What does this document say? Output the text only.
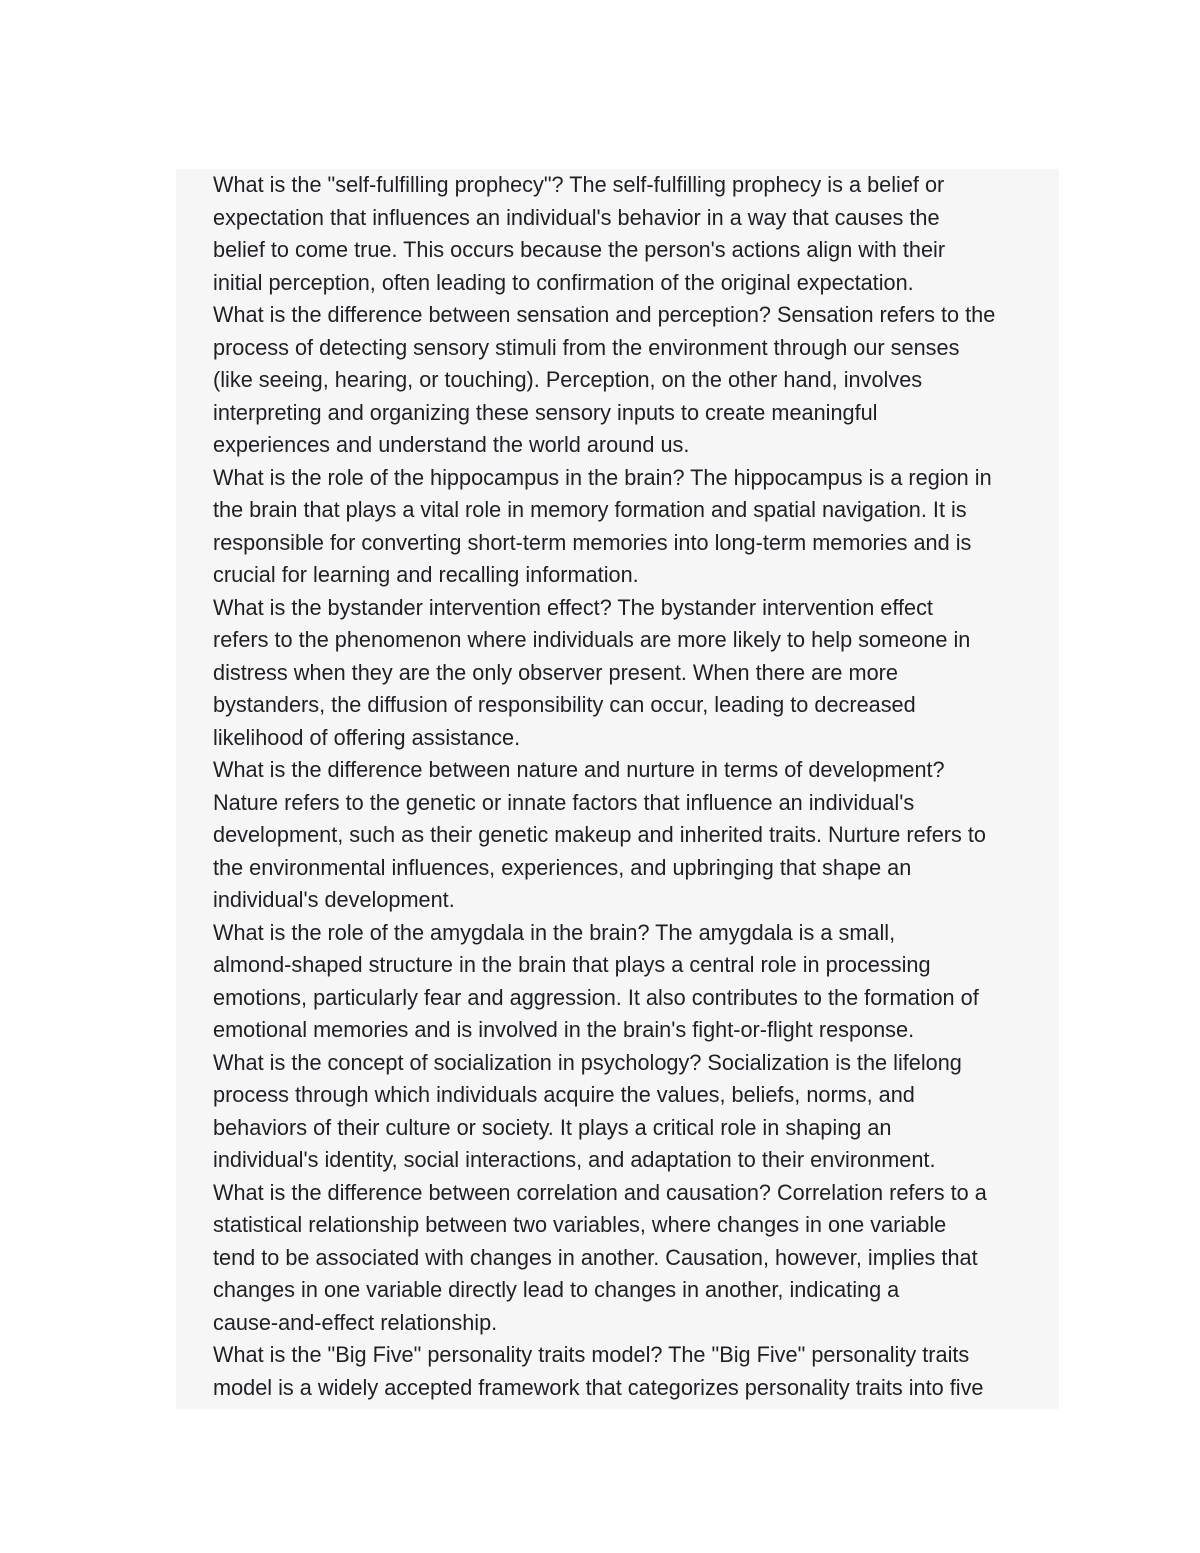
What is the "self-fulfilling prophecy"? The self-fulfilling prophecy is a belief or
expectation that influences an individual's behavior in a way that causes the
belief to come true. This occurs because the person's actions align with their
initial perception, often leading to confirmation of the original expectation.
What is the difference between sensation and perception? Sensation refers to the
process of detecting sensory stimuli from the environment through our senses
(like seeing, hearing, or touching). Perception, on the other hand, involves
interpreting and organizing these sensory inputs to create meaningful
experiences and understand the world around us.
What is the role of the hippocampus in the brain? The hippocampus is a region in
the brain that plays a vital role in memory formation and spatial navigation. It is
responsible for converting short-term memories into long-term memories and is
crucial for learning and recalling information.
What is the bystander intervention effect? The bystander intervention effect
refers to the phenomenon where individuals are more likely to help someone in
distress when they are the only observer present. When there are more
bystanders, the diffusion of responsibility can occur, leading to decreased
likelihood of offering assistance.
What is the difference between nature and nurture in terms of development?
Nature refers to the genetic or innate factors that influence an individual's
development, such as their genetic makeup and inherited traits. Nurture refers to
the environmental influences, experiences, and upbringing that shape an
individual's development.
What is the role of the amygdala in the brain? The amygdala is a small,
almond-shaped structure in the brain that plays a central role in processing
emotions, particularly fear and aggression. It also contributes to the formation of
emotional memories and is involved in the brain's fight-or-flight response.
What is the concept of socialization in psychology? Socialization is the lifelong
process through which individuals acquire the values, beliefs, norms, and
behaviors of their culture or society. It plays a critical role in shaping an
individual's identity, social interactions, and adaptation to their environment.
What is the difference between correlation and causation? Correlation refers to a
statistical relationship between two variables, where changes in one variable
tend to be associated with changes in another. Causation, however, implies that
changes in one variable directly lead to changes in another, indicating a
cause-and-effect relationship.
What is the "Big Five" personality traits model? The "Big Five" personality traits
model is a widely accepted framework that categorizes personality traits into five
